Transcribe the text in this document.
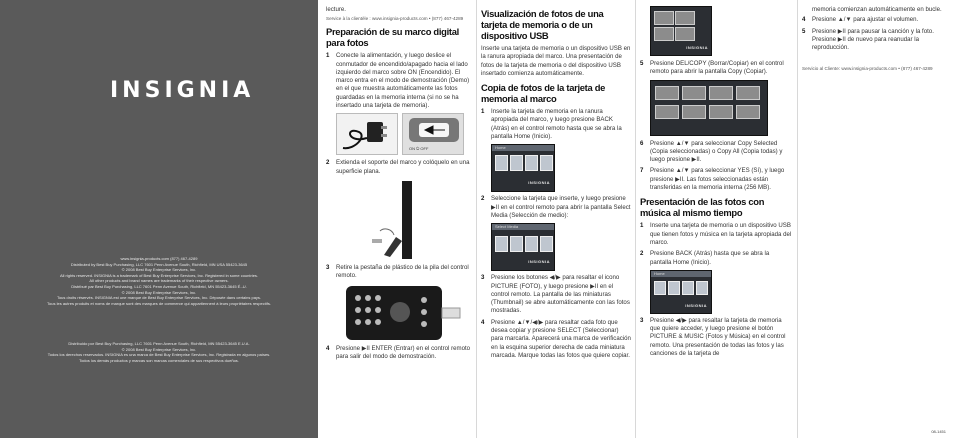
INSIGNIA
www.insignia-products.com (877) 467-4289
Distributed by Best Buy Purchasing, LLC 7601 Penn Avenue South, Richfield, MN USA 55423-3645
© 2008 Best Buy Enterprise Services, Inc.
All rights reserved. INSIGNIA is a trademark of Best Buy Enterprise Services, Inc. Registered in some countries.
All other products and brand names are trademarks of their respective owners.
Distribué par Best Buy Purchasing, LLC 7601 Penn Avenue South, Richfield, MN 55423-3645 É.-U.
© 2008 Best Buy Enterprise Services, Inc.
Tous droits réservés. INSIGNIA est une marque de Best Buy Enterprise Services, Inc. Déposée dans certains pays.
Tous les autres produits et noms de marque sont des marques de commerce qui appartiennent à leurs propriétaires respectifs.
Distribuido por Best Buy Purchasing, LLC 7601 Penn Avenue South, Richfield, MN 55423-3645 E.U.A.
© 2008 Best Buy Enterprise Services, Inc.
Todos los derechos reservados. INSIGNIA es una marca de Best Buy Enterprise Services, Inc. Registrada en algunos países.
Todos los demás productos y marcas son marcas comerciales de sus respectivos dueños.

lecture.

Service à la clientèle : www.insignia-products.com • (877) 467-4289

Preparación de su marco digital para fotos
1	Conecte la alimentación, y luego deslice el conmutador de encendido/apagado hacia el lado izquierdo del marco sobre ON (Encendido). El marco entra en el modo de demostración (Demo) en el que muestra automáticamente las fotos guardadas en la memoria interna (si no se ha insertado una tarjeta de memoria).
ON ⏻ OFF
2	Extienda el soporte del marco y colóquelo en una superficie plana.
3	Retire la pestaña de plástico de la pila del control remoto.
4	Presione ▶II ENTER (Entrar) en el control remoto para salir del modo de demostración.
Visualización de fotos de una tarjeta de memoria o de un dispositivo USB

Inserte una tarjeta de memoria o un dispositivo USB en la ranura apropiada del marco. Una presentación de fotos de la tarjeta de memoria o del dispositivo USB insertado comienza automáticamente.

Copia de fotos de la tarjeta de memoria al marco
1	Inserte la tarjeta de memoria en la ranura apropiada del marco, y luego presione BACK (Atrás) en el control remoto hasta que se abra la pantalla Home (Inicio).
Home
INSIGNIA
2	Seleccione la tarjeta que inserte, y luego presione ▶II en el control remoto para abrir la pantalla Select Media (Selección de medio):
Select Media
INSIGNIA
3	Presione los botones ◀/▶ para resaltar el icono PICTURE (FOTO), y luego presione ▶II en el control remoto. La pantalla de las miniaturas (Thumbnail) se abre automáticamente con las fotos mostradas.
4	Presione ▲/▼/◀/▶ para resaltar cada foto que desea copiar y presione SELECT (Seleccionar) para marcarla. Aparecerá una marca de verificación en la esquina superior derecha de cada miniatura marcada. Marque todas las fotos que quiere copiar.
INSIGNIA
5	Presione DEL/COPY (Borrar/Copiar) en el control remoto para abrir la pantalla Copy (Copiar).
6	Presione ▲/▼ para seleccionar Copy Selected (Copia seleccionadas) o Copy All (Copia todas) y luego presione ▶II.
7	Presione ▲/▼ para seleccionar YES (Sí), y luego presione ▶II. Las fotos seleccionadas están transferidas en la memoria interna (256 MB).
Presentación de las fotos con música al mismo tiempo
1	Inserte una tarjeta de memoria o un dispositivo USB que tienen fotos y música en la tarjeta apropiada del marco.
2	Presione BACK (Atrás) hasta que se abra la pantalla Home (Inicio).
Home
INSIGNIA
3	Presione ◀/▶ para resaltar la tarjeta de memoria que quiere acceder, y luego presione el botón PICTURE & MUSIC (Fotos y Música) en el control remoto. Una presentación de todas las fotos y las canciones de la tarjeta de

memoria comienzan automáticamente en bucle.

4	Presione ▲/▼ para ajustar el volumen.
5	Presione ▶II para pausar la canción y la foto. Presione ▶II de nuevo para reanudar la reproducción.

Servicio al Cliente: www.insignia-products.com • (877) 467-4289

08-1451
